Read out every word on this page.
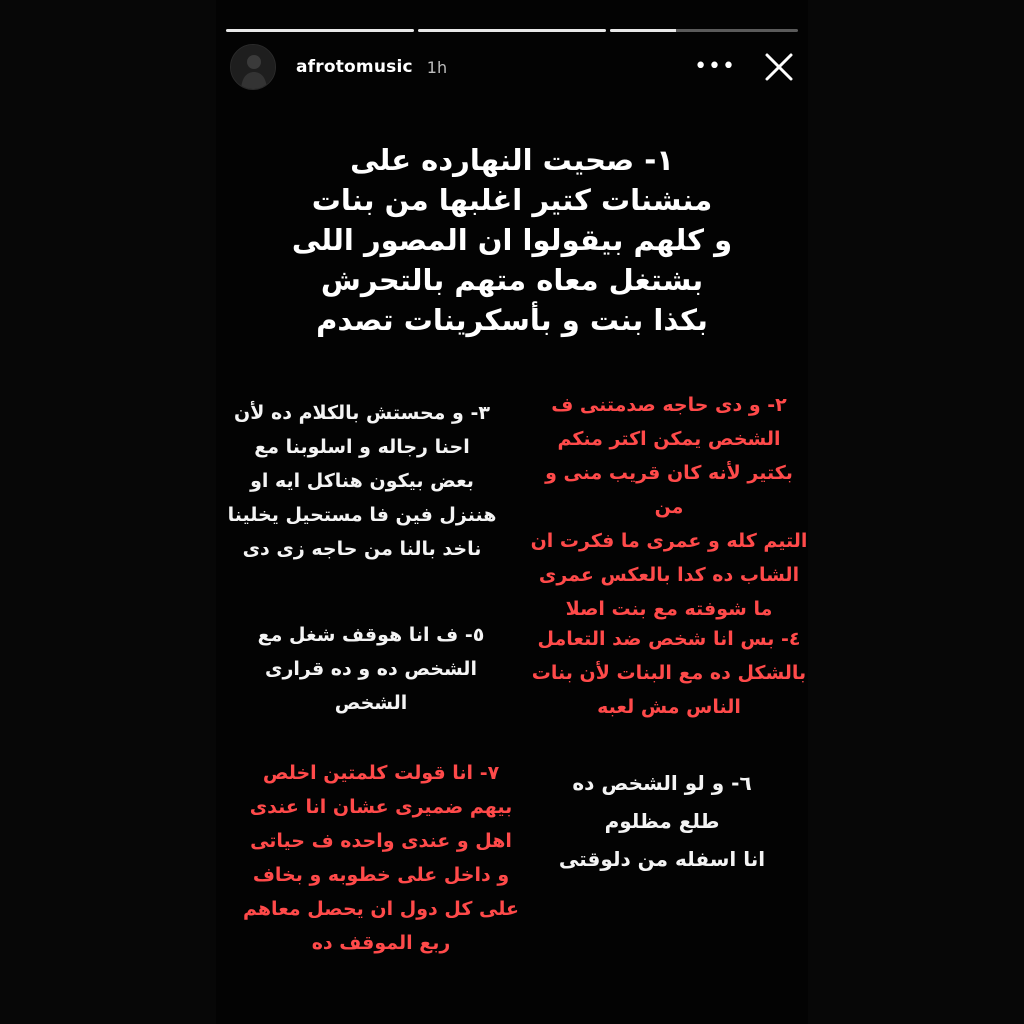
afrotomusic 1h	•••

١- صحيت النهارده على
منشنات كتير اغلبها من بنات
و كلهم بيقولوا ان المصور اللى
بشتغل معاه متهم بالتحرش
بكذا بنت و بأسكرينات تصدم

٢- و دى حاجه صدمتنى ف
الشخص يمكن اكتر منكم
بكتير لأنه كان قريب منى و من
التيم كله و عمرى ما فكرت ان
الشاب ده كدا بالعكس عمرى
ما شوفته مع بنت اصلا

٣- و محستش بالكلام ده لأن
احنا رجاله و اسلوبنا مع
بعض بيكون هناكل ايه او
هننزل فين فا مستحيل يخلينا
ناخد بالنا من حاجه زى دى

٤- بس انا شخص ضد التعامل
بالشكل ده مع البنات لأن بنات
الناس مش لعبه

٥- ف انا هوقف شغل مع
الشخص ده و ده قرارى
الشخص

٦- و لو الشخص ده
طلع مظلوم
انا اسفله من دلوقتى

٧- انا قولت كلمتين اخلص
بيهم ضميرى عشان انا عندى
اهل و عندى واحده ف حياتى
و داخل على خطوبه و بخاف
على كل دول ان يحصل معاهم
ربع الموقف ده
